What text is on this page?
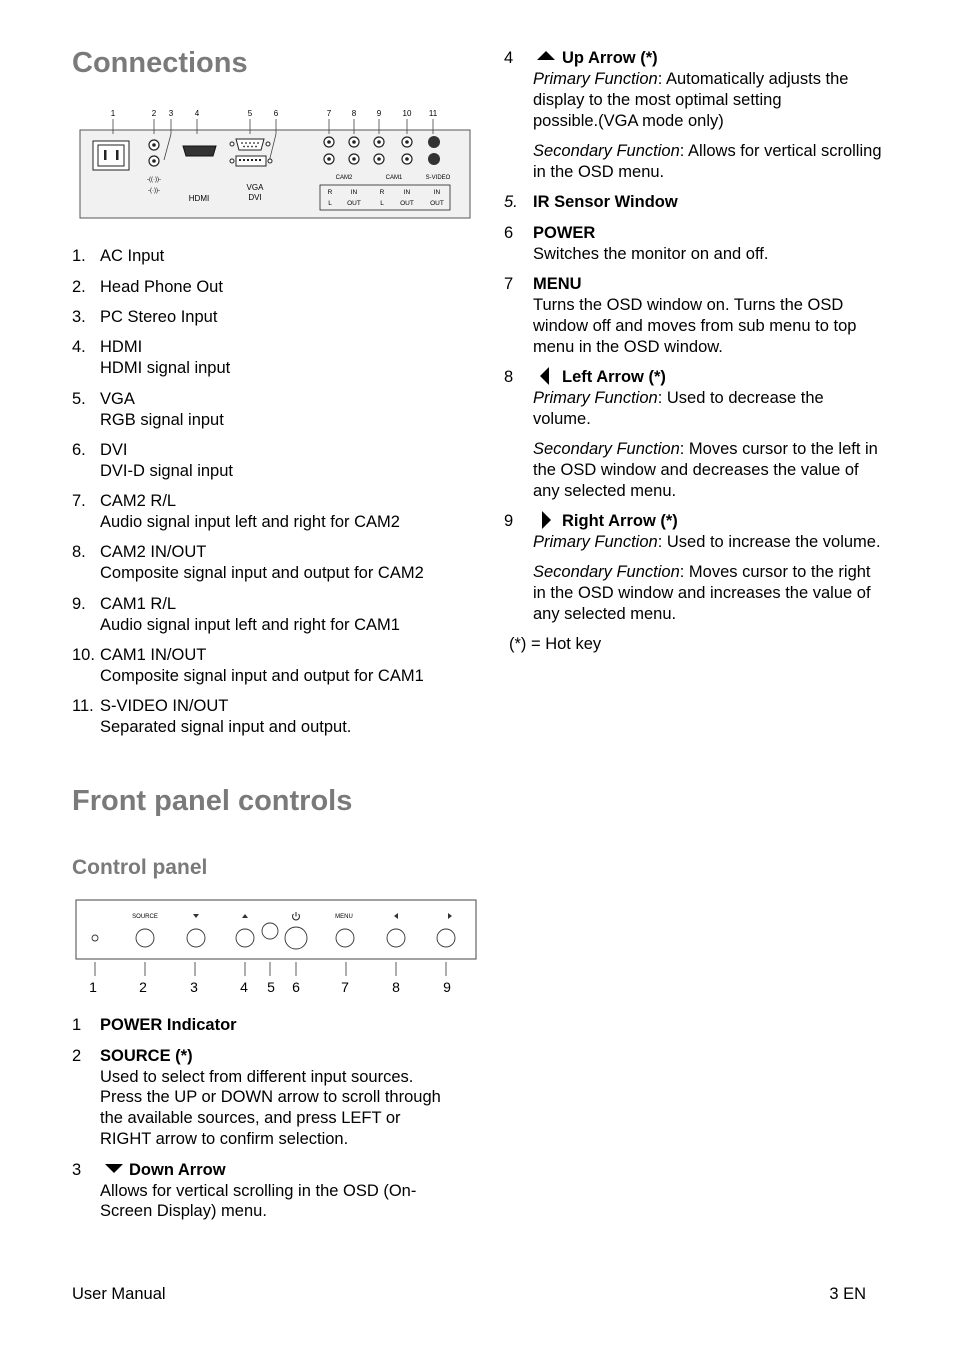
Connections
1	2 3	4	5	6	7	8	9	10 11
-((·))-
-(·))-
HDMI
VGA
DVI
CAM2	CAM1	S-VIDEO
R	IN	R	IN	IN
L OUT	L	OUT	OUT
1. AC Input
2. Head Phone Out
3. PC Stereo Input
4. HDMI
HDMI signal input
5. VGA
RGB signal input
6. DVI
DVI-D signal input
7. CAM2 R/L
Audio signal input left and right for CAM2
8. CAM2 IN/OUT
Composite signal input and output for CAM2
9. CAM1 R/L
Audio signal input left and right for CAM1
10. CAM1 IN/OUT
Composite signal input and output for CAM1
11. S-VIDEO IN/OUT
Separated signal input and output.
Front panel controls
Control panel
SOURCE	MENU
1	2	3	4 5 6	7	8	9
1 POWER Indicator
2 SOURCE (*)
Used to select from different input sources.
Press the UP or DOWN arrow to scroll through
the available sources, and press LEFT or
RIGHT arrow to confirm selection.
3	Down Arrow
Allows for vertical scrolling in the OSD (On-
Screen Display) menu.
4	Up Arrow (*)
Primary Function: Automatically adjusts the
display to the most optimal setting
possible.(VGA mode only)
Secondary Function: Allows for vertical scrolling
in the OSD menu.
5. IR Sensor Window
6 POWER
Switches the monitor on and off.
7 MENU
Turns the OSD window on. Turns the OSD
window off and moves from sub menu to top
menu in the OSD window.
8	Left Arrow (*)
Primary Function: Used to decrease the
volume.
Secondary Function: Moves cursor to the left in
the OSD window and decreases the value of
any selected menu.
9	Right Arrow (*)
Primary Function: Used to increase the volume.
Secondary Function: Moves cursor to the right
in the OSD window and increases the value of
any selected menu.
(*) = Hot key
User Manual	3 EN
